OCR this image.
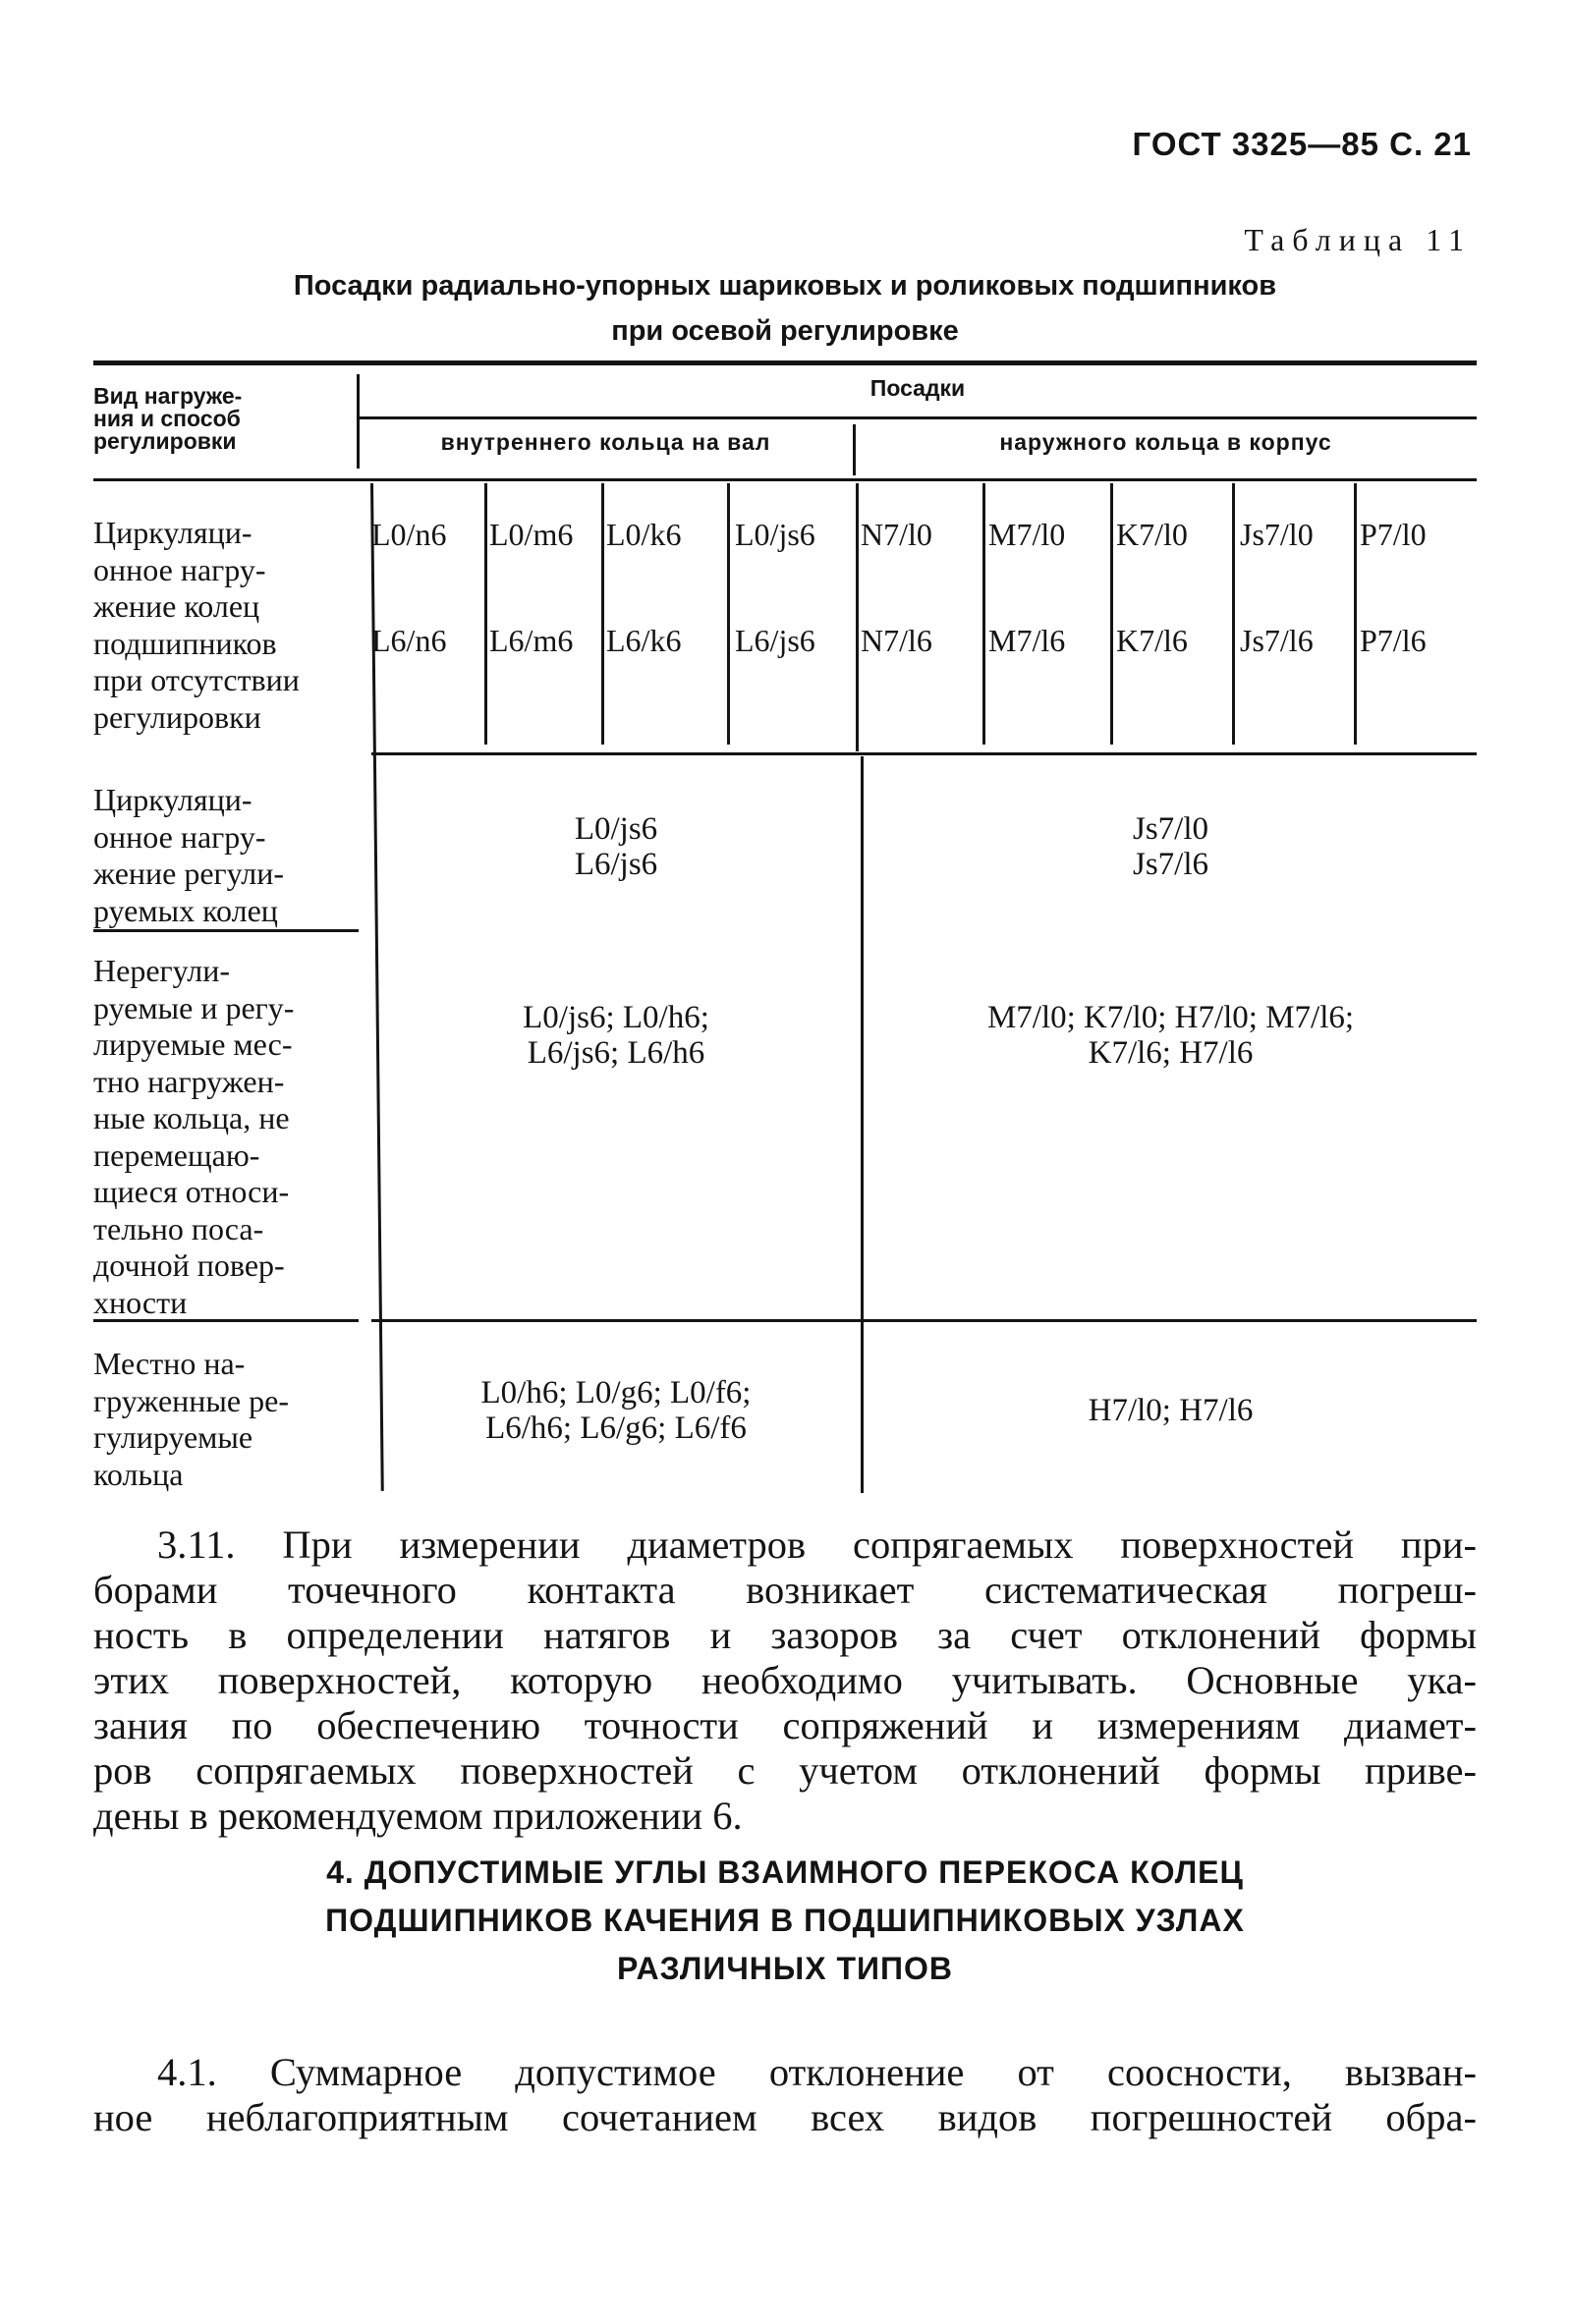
ГОСТ 3325—85 С. 21
Таблица 11
Посадки радиально-упорных шариковых и роликовых подшипников
при осевой регулировке
Вид нагруже-
ния и способ
регулировки
Посадки
внутреннего кольца на вал	наружного кольца в корпус
Циркуляци-
онное нагру-
жение колец
подшипников
при отсутствии
регулировки
L0/n6 L0/m6 L0/k6 L0/js6 N7/l0 M7/l0 K7/l0 Js7/l0 P7/l0
L6/n6 L6/m6 L6/k6 L6/js6 N7/l6 M7/l6 K7/l6 Js7/l6 P7/l6
Циркуляци-
онное нагру-
жение регули-
руемых колец
L0/js6
L6/js6
Js7/l0
Js7/l6
Нерегули-
руемые и регу-
лируемые мес-
тно нагружен-
ные кольца, не
перемещаю-
щиеся относи-
тельно поса-
дочной повер-
хности
L0/js6; L0/h6;
L6/js6; L6/h6
M7/l0; K7/l0; H7/l0; M7/l6;
K7/l6; H7/l6
Местно на-
груженные ре-
гулируемые
кольца
L0/h6; L0/g6; L0/f6;
L6/h6; L6/g6; L6/f6	H7/l0; H7/l6
3.11. При измерении диаметров сопрягаемых поверхностей при-
борами точечного контакта возникает систематическая погреш-
ность в определении натягов и зазоров за счет отклонений формы
этих поверхностей, которую необходимо учитывать. Основные ука-
зания по обеспечению точности сопряжений и измерениям диамет-
ров сопрягаемых поверхностей с учетом отклонений формы приве-
дены в рекомендуемом приложении 6.
4. ДОПУСТИМЫЕ УГЛЫ ВЗАИМНОГО ПЕРЕКОСА КОЛЕЦ
ПОДШИПНИКОВ КАЧЕНИЯ В ПОДШИПНИКОВЫХ УЗЛАХ
РАЗЛИЧНЫХ ТИПОВ
4.1. Суммарное допустимое отклонение от соосности, вызван-
ное неблагоприятным сочетанием всех видов погрешностей обра-
